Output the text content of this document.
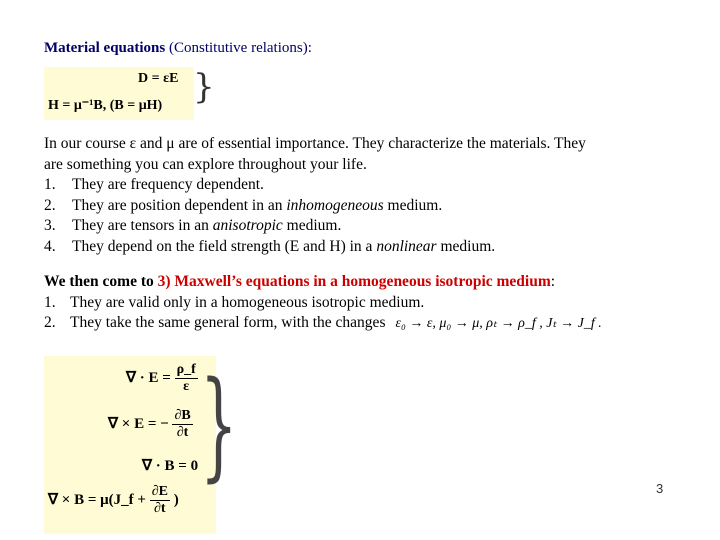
Material equations (Constitutive relations):
D = εE
H = μ⁻¹B, (B = μH) }
In our course ε and μ are of essential importance. They characterize the materials. They
are something you can explore throughout your life.
1. They are frequency dependent.
2. They are position dependent in an inhomogeneous medium.
3. They are tensors in an anisotropic medium.
4. They depend on the field strength (E and H) in a nonlinear medium.
We then come to 3) Maxwell’s equations in a homogeneous isotropic medium:
1. They are valid only in a homogeneous isotropic medium.
2. They take the same general form, with the changes ε₀ → ε, μ₀ → μ, ρₜ → ρ_f , Jₜ → J_f .
∇ · $E = \frac{\rho\_f}{\varepsilon}$
∇ × E = − $\frac{\partial B}{\partial t}$
∇ · B = 0
∇ × B = μ(J_f + $\frac{\partial E}{\partial t}$ )
}	3
